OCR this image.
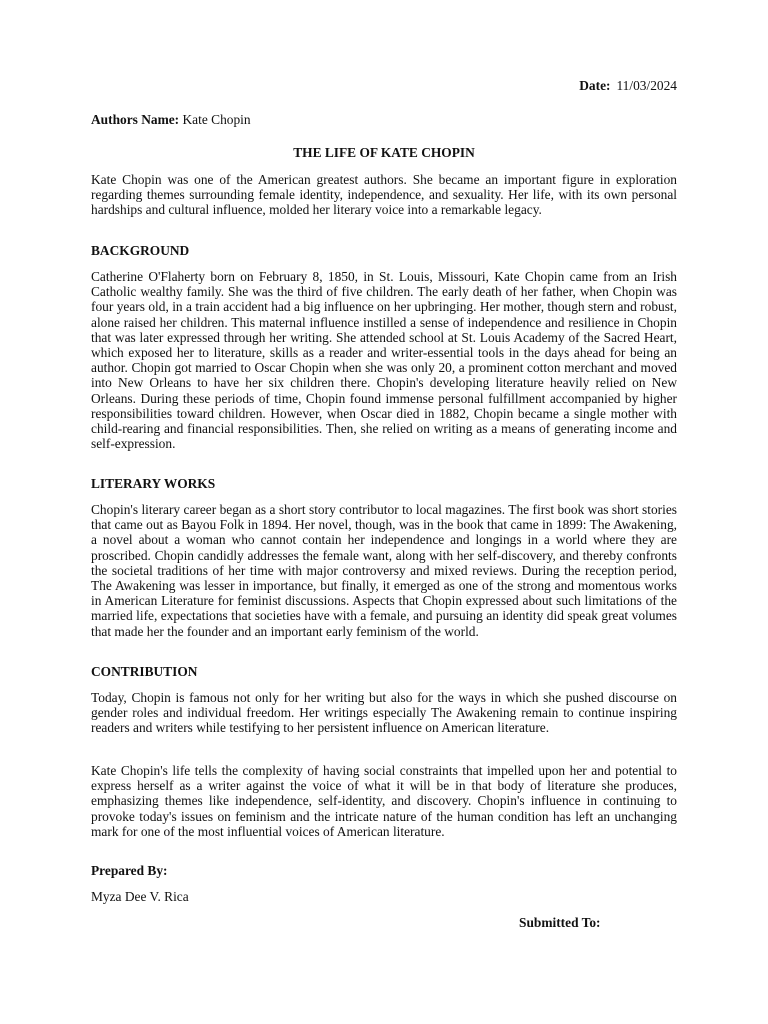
Date: 11/03/2024
Authors Name: Kate Chopin
THE LIFE OF KATE CHOPIN

Kate Chopin was one of the American greatest authors. She became an important figure in exploration regarding themes surrounding female identity, independence, and sexuality. Her life, with its own personal hardships and cultural influence, molded her literary voice into a remarkable legacy.

BACKGROUND

Catherine O'Flaherty born on February 8, 1850, in St. Louis, Missouri, Kate Chopin came from an Irish Catholic wealthy family. She was the third of five children. The early death of her father, when Chopin was four years old, in a train accident had a big influence on her upbringing. Her mother, though stern and robust, alone raised her children. This maternal influence instilled a sense of independence and resilience in Chopin that was later expressed through her writing. She attended school at St. Louis Academy of the Sacred Heart, which exposed her to literature, skills as a reader and writer-essential tools in the days ahead for being an author. Chopin got married to Oscar Chopin when she was only 20, a prominent cotton merchant and moved into New Orleans to have her six children there. Chopin's developing literature heavily relied on New Orleans. During these periods of time, Chopin found immense personal fulfillment accompanied by higher responsibilities toward children. However, when Oscar died in 1882, Chopin became a single mother with child-rearing and financial responsibilities. Then, she relied on writing as a means of generating income and self-expression.

LITERARY WORKS

Chopin's literary career began as a short story contributor to local magazines. The first book was short stories that came out as Bayou Folk in 1894. Her novel, though, was in the book that came in 1899: The Awakening, a novel about a woman who cannot contain her independence and longings in a world where they are proscribed. Chopin candidly addresses the female want, along with her self-discovery, and thereby confronts the societal traditions of her time with major controversy and mixed reviews. During the reception period, The Awakening was lesser in importance, but finally, it emerged as one of the strong and momentous works in American Literature for feminist discussions. Aspects that Chopin expressed about such limitations of the married life, expectations that societies have with a female, and pursuing an identity did speak great volumes that made her the founder and an important early feminism of the world.

CONTRIBUTION

Today, Chopin is famous not only for her writing but also for the ways in which she pushed discourse on gender roles and individual freedom. Her writings especially The Awakening remain to continue inspiring readers and writers while testifying to her persistent influence on American literature.

Kate Chopin's life tells the complexity of having social constraints that impelled upon her and potential to express herself as a writer against the voice of what it will be in that body of literature she produces, emphasizing themes like independence, self-identity, and discovery. Chopin's influence in continuing to provoke today's issues on feminism and the intricate nature of the human condition has left an unchanging mark for one of the most influential voices of American literature.

Prepared By:

Myza Dee V. Rica

Submitted To:
